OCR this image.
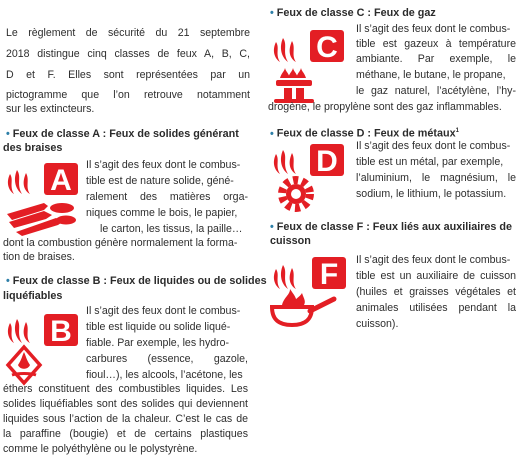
Le règlement de sécurité du 21 septembre

2018 distingue cinq classes de feux A, B, C,

D et F. Elles sont représentées par un

pictogramme que l’on retrouve notamment

sur les extincteurs.

• Feux de classe A : Feux de solides générant

des braises

A Il s’agit des feux dont le combus-

tible est de nature solide, géné-

ralement des matières orga-

niques comme le bois, le papier,

le carton, les tissus, la paille…

dont la combustion génère normalement la forma-

tion de braises.

• Feux de classe B : Feux de liquides ou de solides

liquéfiables

B

Il s’agit des feux dont le combus-

tible est liquide ou solide liqué-

fiable. Par exemple, les hydro-

carbures (essence, gazole,

fioul…), les alcools, l’acétone, les

éthers constituent des combustibles liquides. Les

solides liquéfiables sont des solides qui deviennent

liquides sous l’action de la chaleur. C’est le cas de

la paraffine (bougie) et de certains plastiques

comme le polyéthylène ou le polystyrène.

• Feux de classe C : Feux de gaz

C

Il s’agit des feux dont le combus-

tible est gazeux à température

ambiante. Par exemple, le

méthane, le butane, le propane,

le gaz naturel, l’acétylène, l’hy-

drogène, le propylène sont des gaz inflammables.

• Feux de classe D : Feux de métaux$^1$

D Il s’agit des feux dont le combus-

tible est un métal, par exemple,

l’aluminium, le magnésium, le

sodium, le lithium, le potassium.

• Feux de classe F : Feux liés aux auxiliaires de

cuisson

F Il s’agit des feux dont le combus-

tible est un auxiliaire de cuisson

(huiles et graisses végétales et

animales utilisées pendant la

cuisson).
